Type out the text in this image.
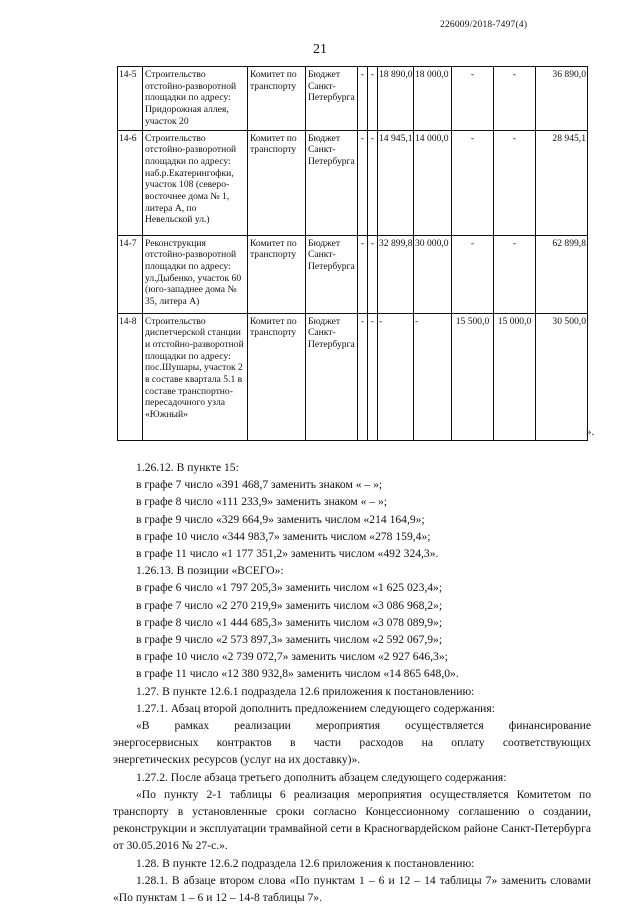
226009/2018-7497(4)
21
14-5	Строительство отстойно-разворотной площадки по адресу: Придорожная аллея, участок 20	Комитет по транспорту	Бюджет Санкт-Петербурга	-	-	18 890,0	18 000,0	-	-	36 890,0
14-6	Строительство отстойно-разворотной площадки по адресу: наб.р.Екатерингофки, участок 108 (северо-восточнее дома № 1, литера А, по Невельской ул.)	Комитет по транспорту	Бюджет Санкт-Петербурга	-	-	14 945,1	14 000,0	-	-	28 945,1
14-7	Реконструкция отстойно-разворотной площадки по адресу: ул.Дыбенко, участок 60 (юго-западнее дома № 35, литера А)	Комитет по транспорту	Бюджет Санкт-Петербурга	-	-	32 899,8	30 000,0	-	-	62 899,8
14-8	Строительство диспетчерской станции и отстойно-разворотной площадки по адресу: пос.Шушары, участок 2 в составе квартала 5.1 в составе транспортно-пересадочного узла «Южный»	Комитет по транспорту	Бюджет Санкт-Петербурга	-	-	-	-	15 500,0	15 000,0	30 500,0
».

1.26.12. В пункте 15:

в графе 7 число «391 468,7 заменить знаком « – »;

в графе 8 число «111 233,9» заменить знаком « – »;

в графе 9 число «329 664,9» заменить числом «214 164,9»;

в графе 10 число «344 983,7» заменить числом «278 159,4»;

в графе 11 число «1 177 351,2» заменить числом «492 324,3».

1.26.13. В позиции «ВСЕГО»:

в графе 6 число «1 797 205,3» заменить числом «1 625 023,4»;

в графе 7 число «2 270 219,9» заменить числом «3 086 968,2»;

в графе 8 число «1 444 685,3» заменить числом «3 078 089,9»;

в графе 9 число «2 573 897,3» заменить числом «2 592 067,9»;

в графе 10 число «2 739 072,7» заменить числом «2 927 646,3»;

в графе 11 число «12 380 932,8» заменить числом «14 865 648,0».

1.27. В пункте 12.6.1 подраздела 12.6 приложения к постановлению:

1.27.1. Абзац второй дополнить предложением следующего содержания:

«В рамках реализации мероприятия осуществляется финансирование

энергосервисных контрактов в части расходов на оплату соответствующих

энергетических ресурсов (услуг на их доставку)».

1.27.2. После абзаца третьего дополнить абзацем следующего содержания:

«По пункту 2-1 таблицы 6 реализация мероприятия осуществляется Комитетом по транспорту в установленные сроки согласно Концессионному соглашению о создании, реконструкции и эксплуатации трамвайной сети в Красногвардейском районе Санкт-Петербурга от 30.05.2016 № 27-с.».

1.28. В пункте 12.6.2 подраздела 12.6 приложения к постановлению:

1.28.1. В абзаце втором слова «По пунктам 1 – 6 и 12 – 14 таблицы 7» заменить словами «По пунктам 1 – 6 и 12 – 14-8 таблицы 7».
